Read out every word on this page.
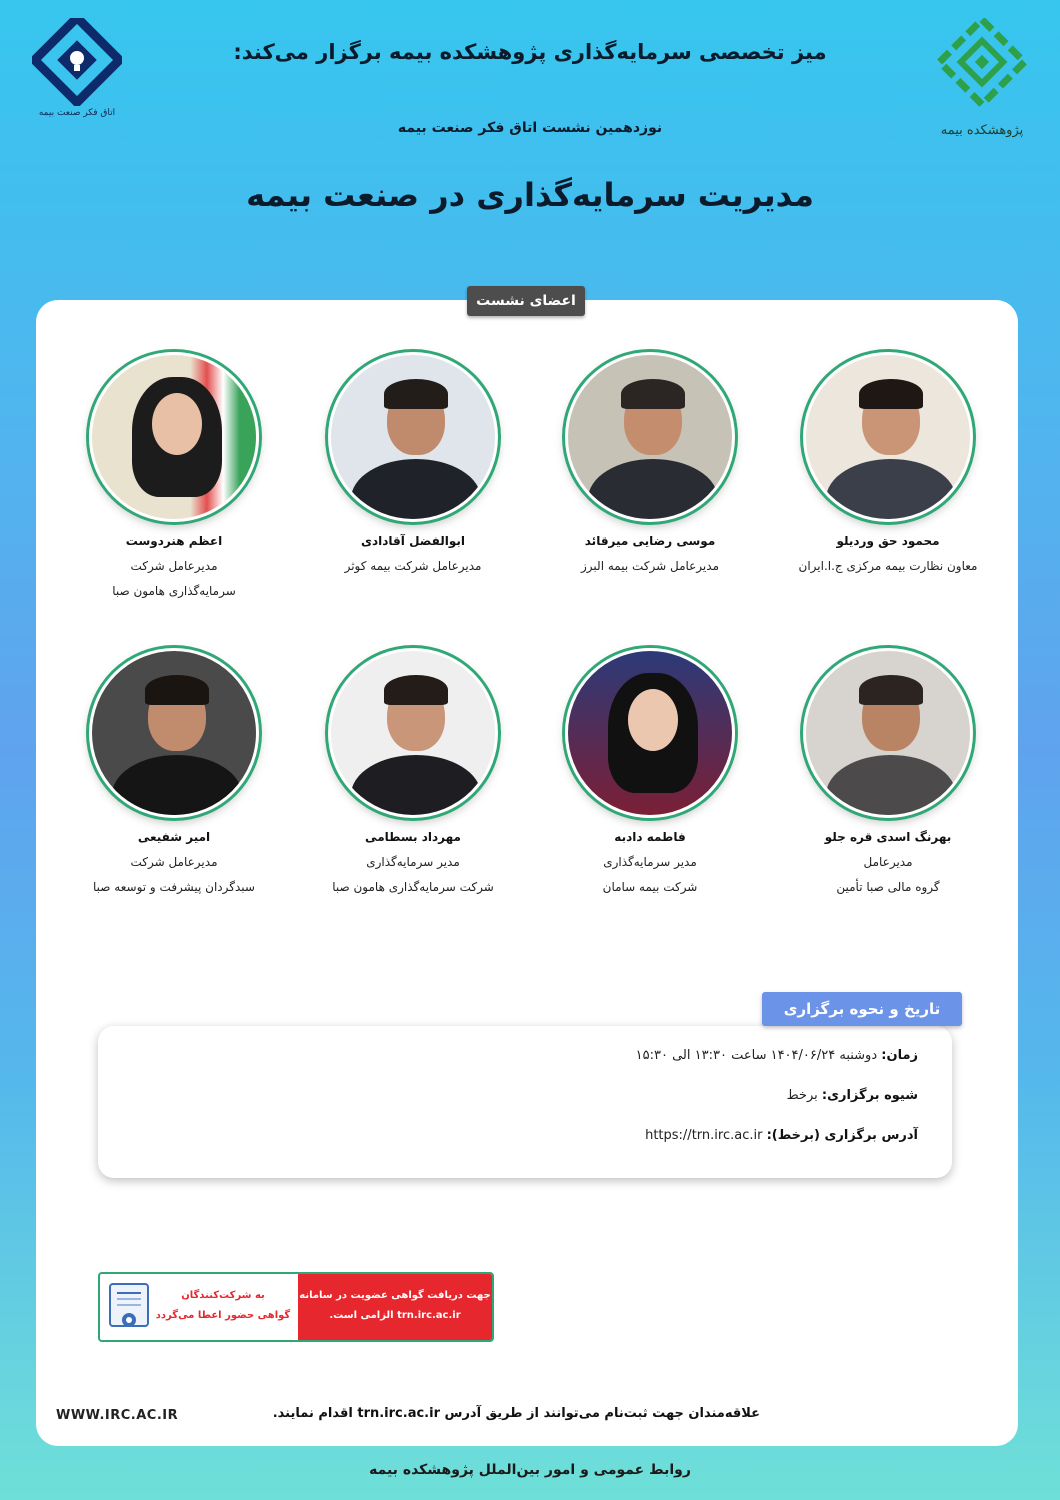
اتاق فکر صنعت بیمه
پژوهشکده بیمه
میز تخصصی سرمایه‌گذاری پژوهشکده بیمه برگزار می‌کند:
نوزدهمین نشست اتاق فکر صنعت بیمه
مدیریت سرمایه‌گذاری در صنعت بیمه
اعضای نشست
محمود حق وردیلو
معاون نظارت بیمه مرکزی ج.ا.ایران
موسی رضایی میرقائد
مدیرعامل شرکت بیمه البرز
ابوالفضل آقادادی
مدیرعامل شرکت بیمه کوثر
اعظم هنردوست
مدیرعامل شرکت
سرمایه‌گذاری هامون صبا
بهرنگ اسدی قره جلو
مدیرعامل
گروه مالی صبا تأمین
فاطمه دادبه
مدیر سرمایه‌گذاری
شرکت بیمه سامان
مهرداد بسطامی
مدیر سرمایه‌گذاری
شرکت سرمایه‌گذاری هامون صبا
امیر شفیعی
مدیرعامل شرکت
سبدگردان پیشرفت و توسعه صبا
زمان: دوشنبه ۱۴۰۴/۰۶/۲۴ ساعت ۱۳:۳۰ الی ۱۵:۳۰
شیوه برگزاری: برخط
آدرس برگزاری (برخط): https://trn.irc.ac.ir
تاریخ و نحوه برگزاری
جهت دریافت گواهی عضویت در سامانه
trn.irc.ac.ir الزامی است.
به شرکت‌کنندگان
گواهی حضور اعطا می‌گردد
علاقه‌مندان جهت ثبت‌نام می‌توانند از طریق آدرس trn.irc.ac.ir اقدام نمایند.
WWW.IRC.AC.IR
روابط عمومی و امور بین‌الملل پژوهشکده بیمه
